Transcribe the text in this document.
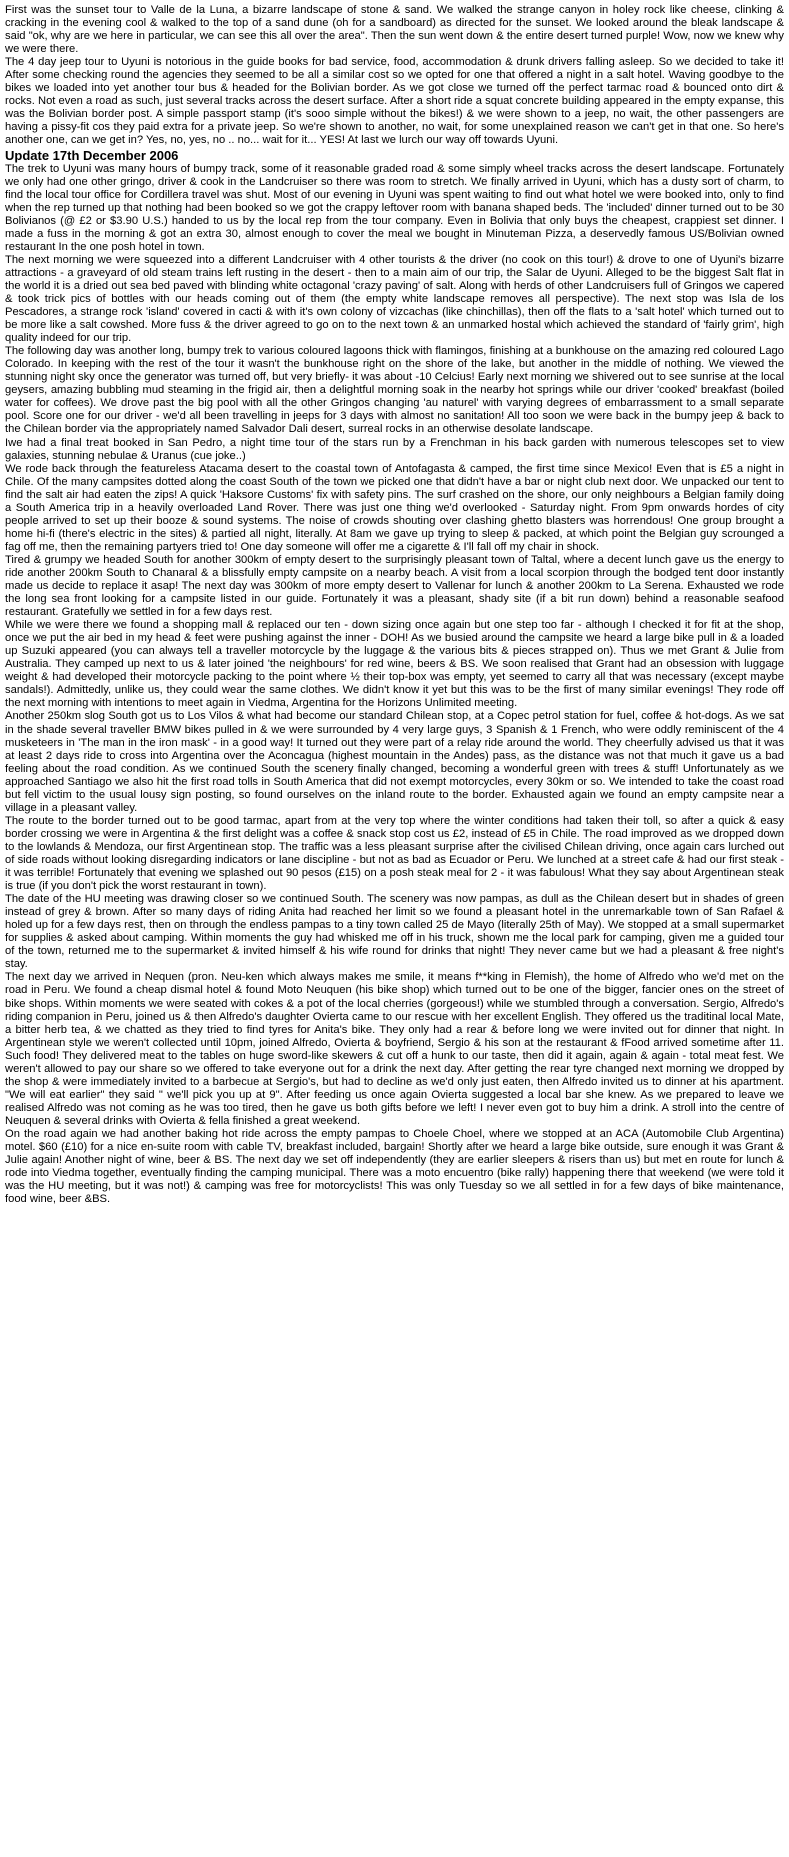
First was the sunset tour to Valle de la Luna, a bizarre landscape of stone & sand. We walked the strange canyon in holey rock like cheese, clinking & cracking in the evening cool & walked to the top of a sand dune (oh for a sandboard) as directed for the sunset. We looked around the bleak landscape & said "ok, why are we here in particular, we can see this all over the area". Then the sun went down & the entire desert turned purple! Wow, now we knew why we were there.

The 4 day jeep tour to Uyuni is notorious in the guide books for bad service, food, accommodation & drunk drivers falling asleep. So we decided to take it! After some checking round the agencies they seemed to be all a similar cost so we opted for one that offered a night in a salt hotel. Waving goodbye to the bikes we loaded into yet another tour bus & headed for the Bolivian border. As we got close we turned off the perfect tarmac road & bounced onto dirt & rocks. Not even a road as such, just several tracks across the desert surface. After a short ride a squat concrete building appeared in the empty expanse, this was the Bolivian border post. A simple passport stamp (it's sooo simple without the bikes!) & we were shown to a jeep, no wait, the other passengers are having a pissy-fit cos they paid extra for a private jeep. So we're shown to another, no wait, for some unexplained reason we can't get in that one. So here's another one, can we get in? Yes, no, yes, no .. no... wait for it... YES! At last we lurch our way off towards Uyuni.

Update 17th December 2006

The trek to Uyuni was many hours of bumpy track, some of it reasonable graded road & some simply wheel tracks across the desert landscape. Fortunately we only had one other gringo, driver & cook in the Landcruiser so there was room to stretch. We finally arrived in Uyuni, which has a dusty sort of charm, to find the local tour office for Cordillera travel was shut. Most of our evening in Uyuni was spent waiting to find out what hotel we were booked into, only to find when the rep turned up that nothing had been booked so we got the crappy leftover room with banana shaped beds. The 'included' dinner turned out to be 30 Bolivianos (@ £2 or $3.90 U.S.) handed to us by the local rep from the tour company. Even in Bolivia that only buys the cheapest, crappiest set dinner. I made a fuss in the morning & got an extra 30, almost enough to cover the meal we bought in Minuteman Pizza, a deservedly famous US/Bolivian owned restaurant In the one posh hotel in town.

The next morning we were squeezed into a different Landcruiser with 4 other tourists & the driver (no cook on this tour!) & drove to one of Uyuni's bizarre attractions - a graveyard of old steam trains left rusting in the desert - then to a main aim of our trip, the Salar de Uyuni. Alleged to be the biggest Salt flat in the world it is a dried out sea bed paved with blinding white octagonal 'crazy paving' of salt. Along with herds of other Landcruisers full of Gringos we capered & took trick pics of bottles with our heads coming out of them (the empty white landscape removes all perspective). The next stop was Isla de los Pescadores, a strange rock 'island' covered in cacti & with it's own colony of vizcachas (like chinchillas), then off the flats to a 'salt hotel' which turned out to be more like a salt cowshed. More fuss & the driver agreed to go on to the next town & an unmarked hostal which achieved the standard of 'fairly grim', high quality indeed for our trip.

The following day was another long, bumpy trek to various coloured lagoons thick with flamingos, finishing at a bunkhouse on the amazing red coloured Lago Colorado. In keeping with the rest of the tour it wasn't the bunkhouse right on the shore of the lake, but another in the middle of nothing. We viewed the stunning night sky once the generator was turned off, but very briefly- it was about -10 Celcius! Early next morning we shivered out to see sunrise at the local geysers, amazing bubbling mud steaming in the frigid air, then a delightful morning soak in the nearby hot springs while our driver 'cooked' breakfast (boiled water for coffees). We drove past the big pool with all the other Gringos changing 'au naturel' with varying degrees of embarrassment to a small separate pool. Score one for our driver - we'd all been travelling in jeeps for 3 days with almost no sanitation! All too soon we were back in the bumpy jeep & back to the Chilean border via the appropriately named Salvador Dali desert, surreal rocks in an otherwise desolate landscape.

Iwe had a final treat booked in San Pedro, a night time tour of the stars run by a Frenchman in his back garden with numerous telescopes set to view galaxies, stunning nebulae & Uranus (cue joke..)

We rode back through the featureless Atacama desert to the coastal town of Antofagasta & camped, the first time since Mexico! Even that is £5 a night in Chile. Of the many campsites dotted along the coast South of the town we picked one that didn't have a bar or night club next door. We unpacked our tent to find the salt air had eaten the zips! A quick 'Haksore Customs' fix with safety pins. The surf crashed on the shore, our only neighbours a Belgian family doing a South America trip in a heavily overloaded Land Rover. There was just one thing we'd overlooked - Saturday night. From 9pm onwards hordes of city people arrived to set up their booze & sound systems. The noise of crowds shouting over clashing ghetto blasters was horrendous! One group brought a home hi-fi (there's electric in the sites) & partied all night, literally. At 8am we gave up trying to sleep & packed, at which point the Belgian guy scrounged a fag off me, then the remaining partyers tried to! One day someone will offer me a cigarette & I'll fall off my chair in shock.

Tired & grumpy we headed South for another 300km of empty desert to the surprisingly pleasant town of Taltal, where a decent lunch gave us the energy to ride another 200km South to Chanaral & a blissfully empty campsite on a nearby beach. A visit from a local scorpion through the bodged tent door instantly made us decide to replace it asap! The next day was 300km of more empty desert to Vallenar for lunch & another 200km to La Serena. Exhausted we rode the long sea front looking for a campsite listed in our guide. Fortunately it was a pleasant, shady site (if a bit run down) behind a reasonable seafood restaurant. Gratefully we settled in for a few days rest.

While we were there we found a shopping mall & replaced our ten - down sizing once again but one step too far - although I checked it for fit at the shop, once we put the air bed in my head & feet were pushing against the inner - DOH! As we busied around the campsite we heard a large bike pull in & a loaded up Suzuki appeared (you can always tell a traveller motorcycle by the luggage & the various bits & pieces strapped on). Thus we met Grant & Julie from Australia. They camped up next to us & later joined 'the neighbours' for red wine, beers & BS. We soon realised that Grant had an obsession with luggage weight & had developed their motorcycle packing to the point where ½ their top-box was empty, yet seemed to carry all that was necessary (except maybe sandals!). Admittedly, unlike us, they could wear the same clothes. We didn't know it yet but this was to be the first of many similar evenings! They rode off the next morning with intentions to meet again in Viedma, Argentina for the Horizons Unlimited meeting.

Another 250km slog South got us to Los Vilos & what had become our standard Chilean stop, at a Copec petrol station for fuel, coffee & hot-dogs. As we sat in the shade several traveller BMW bikes pulled in & we were surrounded by 4 very large guys, 3 Spanish & 1 French, who were oddly reminiscent of the 4 musketeers in 'The man in the iron mask' - in a good way! It turned out they were part of a relay ride around the world. They cheerfully advised us that it was at least 2 days ride to cross into Argentina over the Aconcagua (highest mountain in the Andes) pass, as the distance was not that much it gave us a bad feeling about the road condition. As we continued South the scenery finally changed, becoming a wonderful green with trees & stuff! Unfortunately as we approached Santiago we also hit the first road tolls in South America that did not exempt motorcycles, every 30km or so. We intended to take the coast road but fell victim to the usual lousy sign posting, so found ourselves on the inland route to the border. Exhausted again we found an empty campsite near a village in a pleasant valley.

The route to the border turned out to be good tarmac, apart from at the very top where the winter conditions had taken their toll, so after a quick & easy border crossing we were in Argentina & the first delight was a coffee & snack stop cost us £2, instead of £5 in Chile. The road improved as we dropped down to the lowlands & Mendoza, our first Argentinean stop. The traffic was a less pleasant surprise after the civilised Chilean driving, once again cars lurched out of side roads without looking disregarding indicators or lane discipline - but not as bad as Ecuador or Peru. We lunched at a street cafe & had our first steak - it was terrible! Fortunately that evening we splashed out 90 pesos (£15) on a posh steak meal for 2 - it was fabulous! What they say about Argentinean steak is true (if you don't pick the worst restaurant in town).

The date of the HU meeting was drawing closer so we continued South. The scenery was now pampas, as dull as the Chilean desert but in shades of green instead of grey & brown. After so many days of riding Anita had reached her limit so we found a pleasant hotel in the unremarkable town of San Rafael & holed up for a few days rest, then on through the endless pampas to a tiny town called 25 de Mayo (literally 25th of May). We stopped at a small supermarket for supplies & asked about camping. Within moments the guy had whisked me off in his truck, shown me the local park for camping, given me a guided tour of the town, returned me to the supermarket & invited himself & his wife round for drinks that night! They never came but we had a pleasant & free night's stay.

The next day we arrived in Nequen (pron. Neu-ken which always makes me smile, it means f**king in Flemish), the home of Alfredo who we'd met on the road in Peru. We found a cheap dismal hotel & found Moto Neuquen (his bike shop) which turned out to be one of the bigger, fancier ones on the street of bike shops. Within moments we were seated with cokes & a pot of the local cherries (gorgeous!) while we stumbled through a conversation. Sergio, Alfredo's riding companion in Peru, joined us & then Alfredo's daughter Ovierta came to our rescue with her excellent English. They offered us the traditinal local Mate, a bitter herb tea, & we chatted as they tried to find tyres for Anita's bike. They only had a rear & before long we were invited out for dinner that night. In Argentinean style we weren't collected until 10pm, joined Alfredo, Ovierta & boyfriend, Sergio & his son at the restaurant & fFood arrived sometime after 11. Such food! They delivered meat to the tables on huge sword-like skewers & cut off a hunk to our taste, then did it again, again & again - total meat fest. We weren't allowed to pay our share so we offered to take everyone out for a drink the next day. After getting the rear tyre changed next morning we dropped by the shop & were immediately invited to a barbecue at Sergio's, but had to decline as we'd only just eaten, then Alfredo invited us to dinner at his apartment. "We will eat earlier" they said " we'll pick you up at 9". After feeding us once again Ovierta suggested a local bar she knew. As we prepared to leave we realised Alfredo was not coming as he was too tired, then he gave us both gifts before we left! I never even got to buy him a drink. A stroll into the centre of Neuquen & several drinks with Ovierta & fella finished a great weekend.

On the road again we had another baking hot ride across the empty pampas to Choele Choel, where we stopped at an ACA (Automobile Club Argentina) motel. $60 (£10) for a nice en-suite room with cable TV, breakfast included, bargain! Shortly after we heard a large bike outside, sure enough it was Grant & Julie again! Another night of wine, beer & BS. The next day we set off independently (they are earlier sleepers & risers than us) but met en route for lunch & rode into Viedma together, eventually finding the camping municipal. There was a moto encuentro (bike rally) happening there that weekend (we were told it was the HU meeting, but it was not!) & camping was free for motorcyclists! This was only Tuesday so we all settled in for a few days of bike maintenance, food wine, beer &BS.
